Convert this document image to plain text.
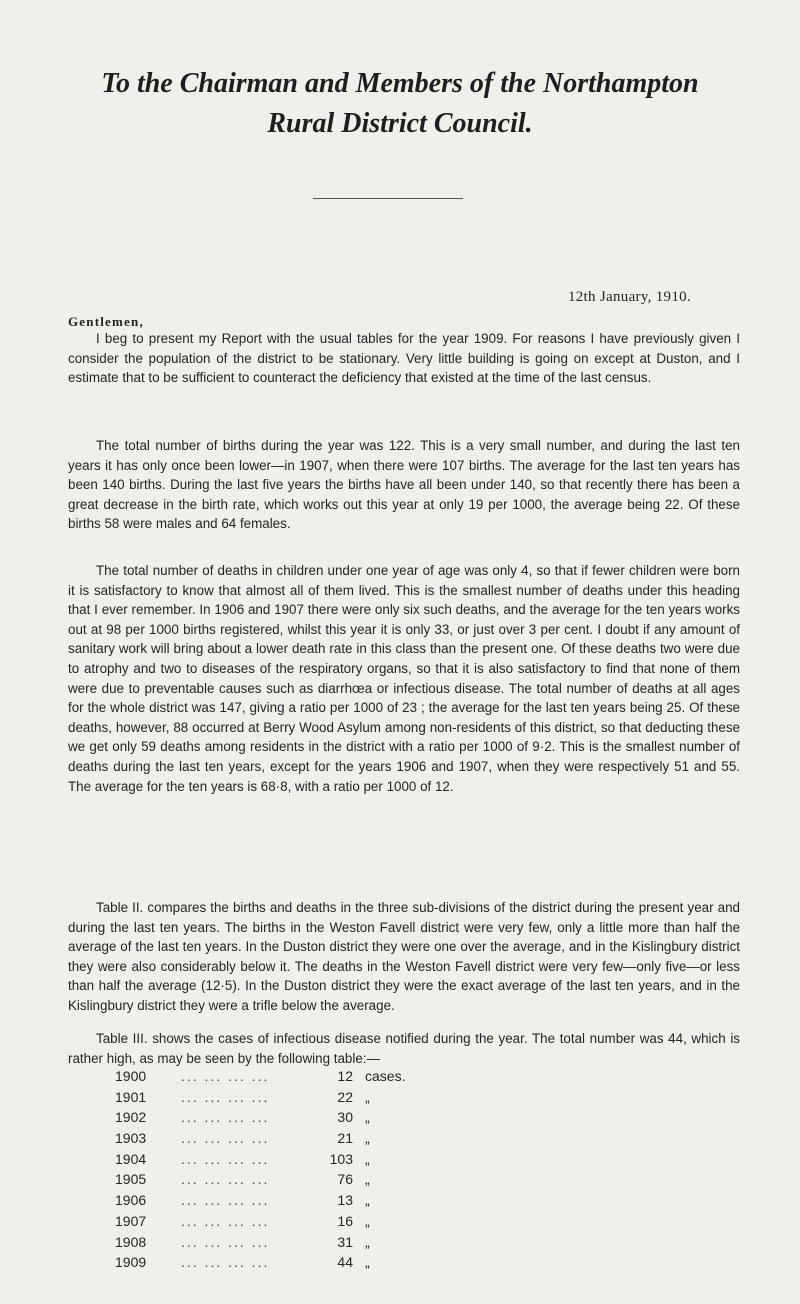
To the Chairman and Members of the Northampton
Rural District Council.
12th January, 1910.
Gentlemen,

I beg to present my Report with the usual tables for the year 1909. For reasons I have previously given I consider the population of the district to be stationary. Very little building is going on except at Duston, and I estimate that to be sufficient to counteract the deficiency that existed at the time of the last census.

The total number of births during the year was 122. This is a very small number, and during the last ten years it has only once been lower—in 1907, when there were 107 births. The average for the last ten years has been 140 births. During the last five years the births have all been under 140, so that recently there has been a great decrease in the birth rate, which works out this year at only 19 per 1000, the average being 22. Of these births 58 were males and 64 females.

The total number of deaths in children under one year of age was only 4, so that if fewer children were born it is satisfactory to know that almost all of them lived. This is the smallest number of deaths under this heading that I ever remember. In 1906 and 1907 there were only six such deaths, and the average for the ten years works out at 98 per 1000 births registered, whilst this year it is only 33, or just over 3 per cent. I doubt if any amount of sanitary work will bring about a lower death rate in this class than the present one. Of these deaths two were due to atrophy and two to diseases of the respiratory organs, so that it is also satisfactory to find that none of them were due to preventable causes such as diarrhœa or infectious disease. The total number of deaths at all ages for the whole district was 147, giving a ratio per 1000 of 23 ; the average for the last ten years being 25. Of these deaths, however, 88 occurred at Berry Wood Asylum among non-residents of this district, so that deducting these we get only 59 deaths among residents in the district with a ratio per 1000 of 9·2. This is the smallest number of deaths during the last ten years, except for the years 1906 and 1907, when they were respectively 51 and 55. The average for the ten years is 68·8, with a ratio per 1000 of 12.

Table II. compares the births and deaths in the three sub-divisions of the district during the present year and during the last ten years. The births in the Weston Favell district were very few, only a little more than half the average of the last ten years. In the Duston district they were one over the average, and in the Kislingbury district they were also considerably below it. The deaths in the Weston Favell district were very few—only five—or less than half the average (12·5). In the Duston district they were the exact average of the last ten years, and in the Kislingbury district they were a trifle below the average.

Table III. shows the cases of infectious disease notified during the year. The total number was 44, which is rather high, as may be seen by the following table:—

1900 ... ... ... ...	12 cases.
1901 ... ... ... ...	22 „
1902 ... ... ... ...	30 „
1903 ... ... ... ...	21 „
1904 ... ... ... ...	103 „
1905 ... ... ... ...	76 „
1906 ... ... ... ...	13 „
1907 ... ... ... ...	16 „
1908 ... ... ... ...	31 „
1909 ... ... ... ...	44 „
